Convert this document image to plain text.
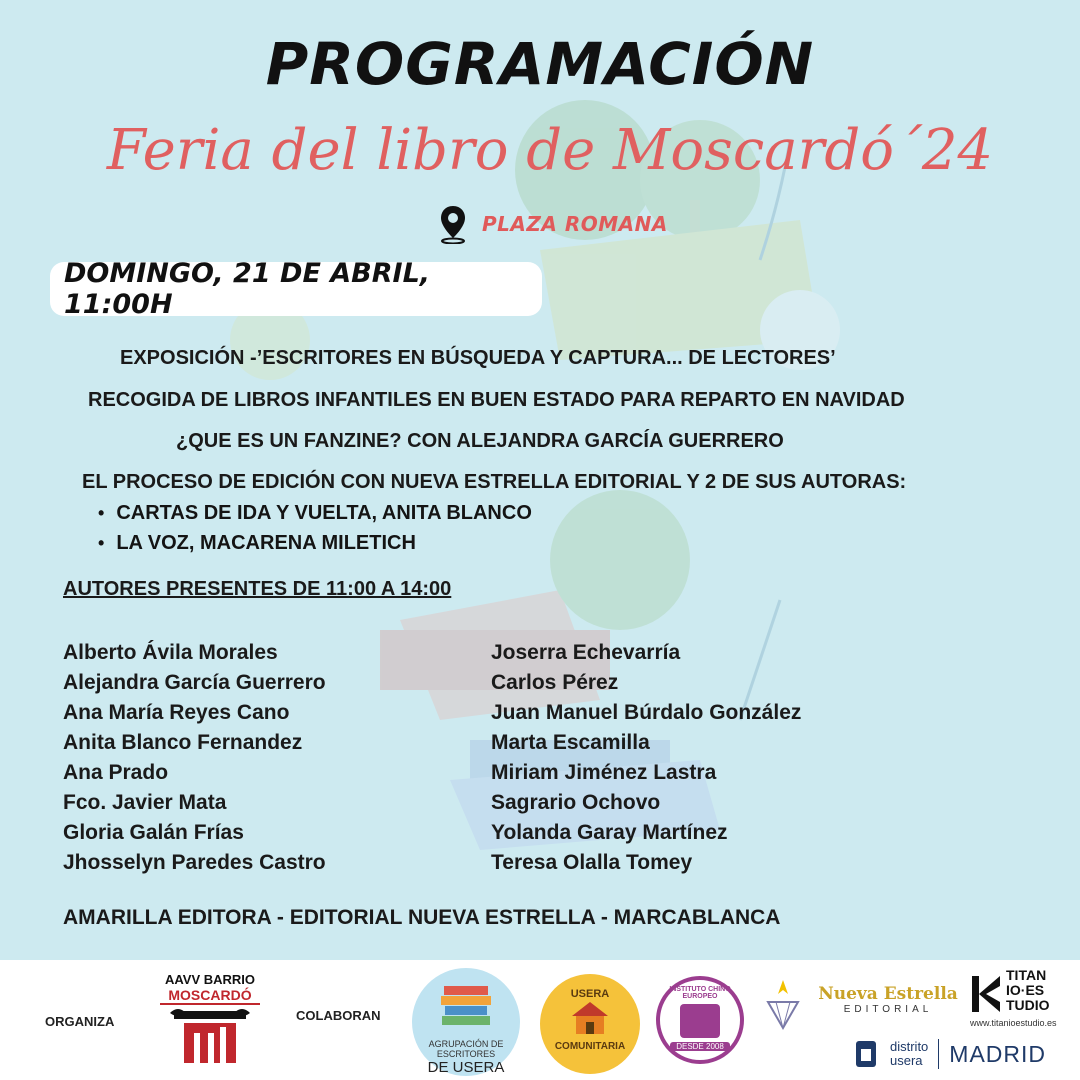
PROGRAMACIÓN
Feria del libro de Moscardó´24
PLAZA ROMANA
DOMINGO, 21 DE ABRIL, 11:00H
EXPOSICIÓN -’ESCRITORES EN BÚSQUEDA Y CAPTURA... DE LECTORES’
RECOGIDA DE LIBROS INFANTILES EN BUEN ESTADO PARA REPARTO EN NAVIDAD
¿QUE ES UN FANZINE? CON ALEJANDRA GARCÍA GUERRERO
EL PROCESO DE EDICIÓN CON NUEVA ESTRELLA EDITORIAL Y 2 DE SUS AUTORAS:
• CARTAS DE IDA Y VUELTA, ANITA BLANCO
• LA VOZ, MACARENA MILETICH
AUTORES PRESENTES DE 11:00 A 14:00
Alberto Ávila Morales
Alejandra García Guerrero
Ana María Reyes Cano
Anita Blanco Fernandez
Ana Prado
Fco. Javier Mata
Gloria Galán Frías
Jhosselyn Paredes Castro
Joserra Echevarría
Carlos Pérez
Juan Manuel Búrdalo González
Marta Escamilla
Miriam Jiménez Lastra
Sagrario Ochovo
Yolanda Garay Martínez
Teresa Olalla Tomey
AMARILLA EDITORA - EDITORIAL NUEVA ESTRELLA - MARCABLANCA
ORGANIZA
AAVV BARRIO
MOSCARDÓ
COLABORAN
AGRUPACIÓN DE ESCRITORES
DE USERA
USERA
COMUNITARIA
INSTITUTO CHINO EUROPEO
DESDE 2008
Nueva Estrella
EDITORIAL
TITAN
IO·ES
TUDIO
www.titanioestudio.es
distrito
usera MADRID
